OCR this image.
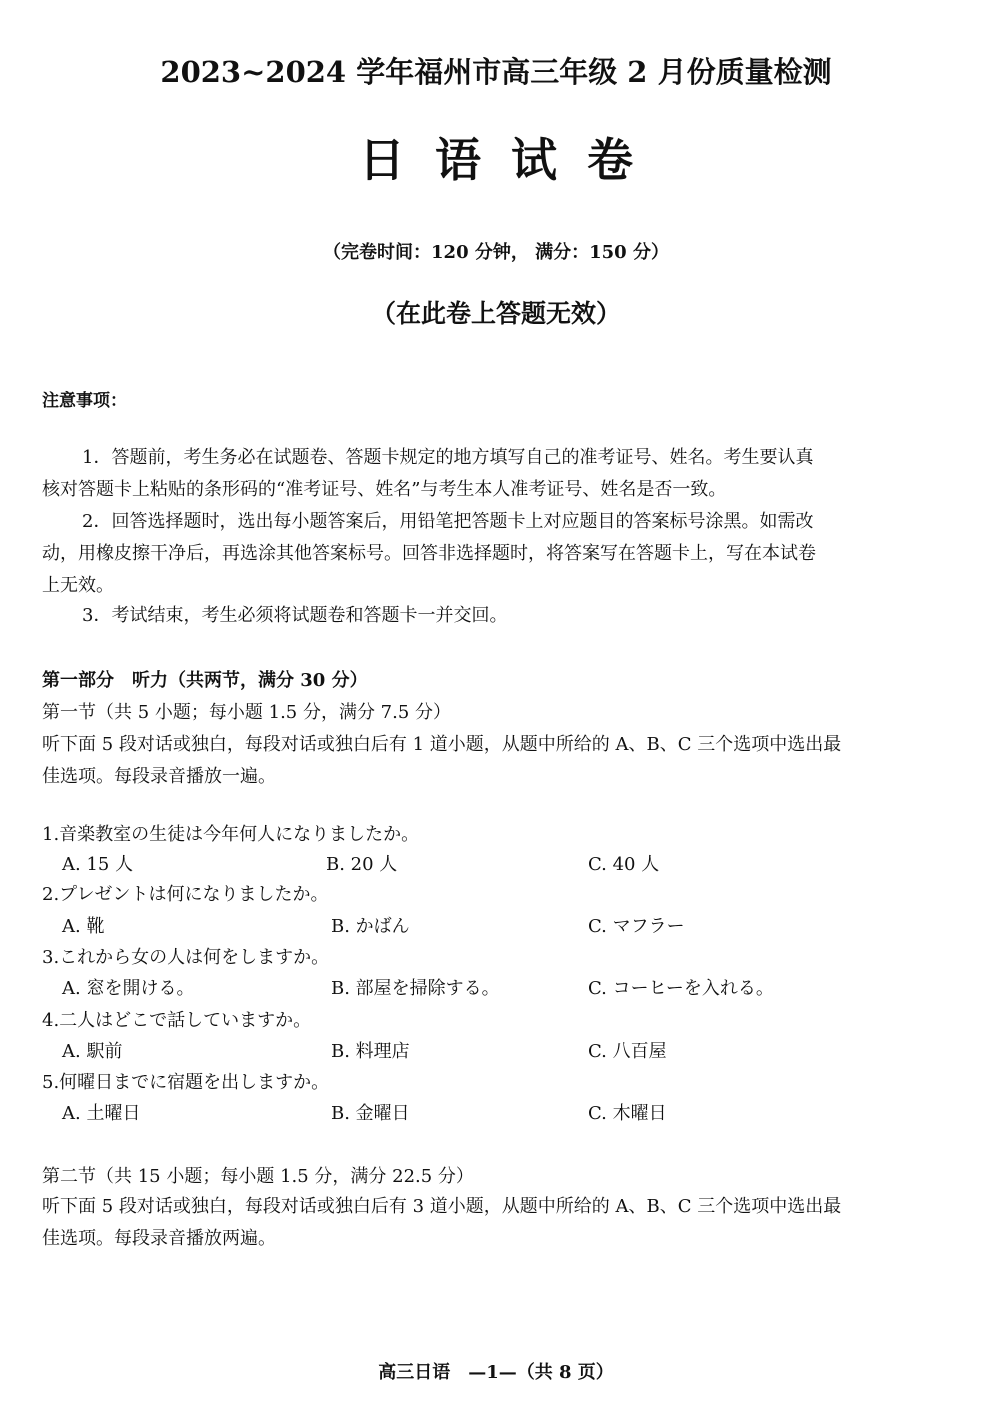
2023~2024 学年福州市高三年级 2 月份质量检测
日语试卷
（完卷时间：120 分钟， 满分：150 分）
（在此卷上答题无效）
注意事项：
1．答题前，考生务必在试题卷、答题卡规定的地方填写自己的准考证号、姓名。考生要认真
核对答题卡上粘贴的条形码的“准考证号、姓名”与考生本人准考证号、姓名是否一致。
2．回答选择题时，选出每小题答案后，用铅笔把答题卡上对应题目的答案标号涂黑。如需改
动，用橡皮擦干净后，再选涂其他答案标号。回答非选择题时，将答案写在答题卡上，写在本试卷
上无效。
3．考试结束，考生必须将试题卷和答题卡一并交回。
第一部分　听力（共两节，满分 30 分）
第一节（共 5 小题；每小题 1.5 分，满分 7.5 分）
听下面 5 段对话或独白，每段对话或独白后有 1 道小题，从题中所给的 A、B、C 三个选项中选出最
佳选项。每段录音播放一遍。
1.音楽教室の生徒は今年何人になりましたか。
A. 15 人	B. 20 人	C. 40 人
2.プレゼントは何になりましたか。
A. 靴	B. かばん	C. マフラー
3.これから女の人は何をしますか。
A. 窓を開ける。	B. 部屋を掃除する。	C. コーヒーを入れる。
4.二人はどこで話していますか。
A. 駅前	B. 料理店	C. 八百屋
5.何曜日までに宿題を出しますか。
A. 土曜日	B. 金曜日	C. 木曜日
第二节（共 15 小题；每小题 1.5 分，满分 22.5 分）
听下面 5 段对话或独白，每段对话或独白后有 3 道小题，从题中所给的 A、B、C 三个选项中选出最
佳选项。每段录音播放两遍。
高三日语　—1—（共 8 页）
